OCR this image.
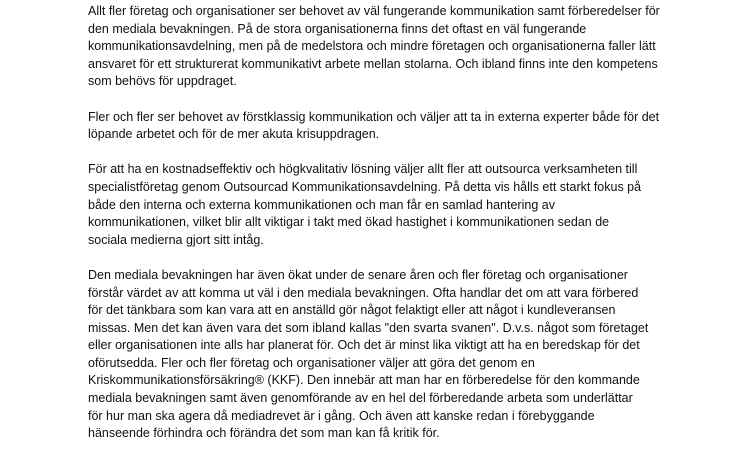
Allt fler företag och organisationer ser behovet av väl fungerande kommunikation samt förberedelser för
den mediala bevakningen. På de stora organisationerna finns det oftast en väl fungerande
kommunikationsavdelning, men på de medelstora och mindre företagen och organisationerna faller lätt
ansvaret för ett strukturerat kommunikativt arbete mellan stolarna. Och ibland finns inte den kompetens
som behövs för uppdraget.
Fler och fler ser behovet av förstklassig kommunikation och väljer att ta in externa experter både för det
löpande arbetet och för de mer akuta krisuppdragen.
För att ha en kostnadseffektiv och högkvalitativ lösning väljer allt fler att outsourca verksamheten till
specialistföretag genom Outsourcad Kommunikationsavdelning. På detta vis hålls ett starkt fokus på
både den interna och externa kommunikationen och man får en samlad hantering av
kommunikationen, vilket blir allt viktigar i takt med ökad hastighet i kommunikationen sedan de
sociala medierna gjort sitt intåg.
Den mediala bevakningen har även ökat under de senare åren och fler företag och organisationer
förstår värdet av att komma ut väl i den mediala bevakningen. Ofta handlar det om att vara förbered
för det tänkbara som kan vara att en anställd gör något felaktigt eller att något i kundleveransen
missas. Men det kan även vara det som ibland kallas "den svarta svanen". D.v.s. något som företaget
eller organisationen inte alls har planerat för. Och det är minst lika viktigt att ha en beredskap för det
oförutsedda. Fler och fler företag och organisationer väljer att göra det genom en
Kriskommunikationsförsäkring® (KKF). Den innebär att man har en förberedelse för den kommande
mediala bevakningen samt även genomförande av en hel del förberedande arbeta som underlättar
för hur man ska agera då mediadrevet är i gång. Och även att kanske redan i förebyggande
hänseende förhindra och förändra det som man kan få kritik för.
